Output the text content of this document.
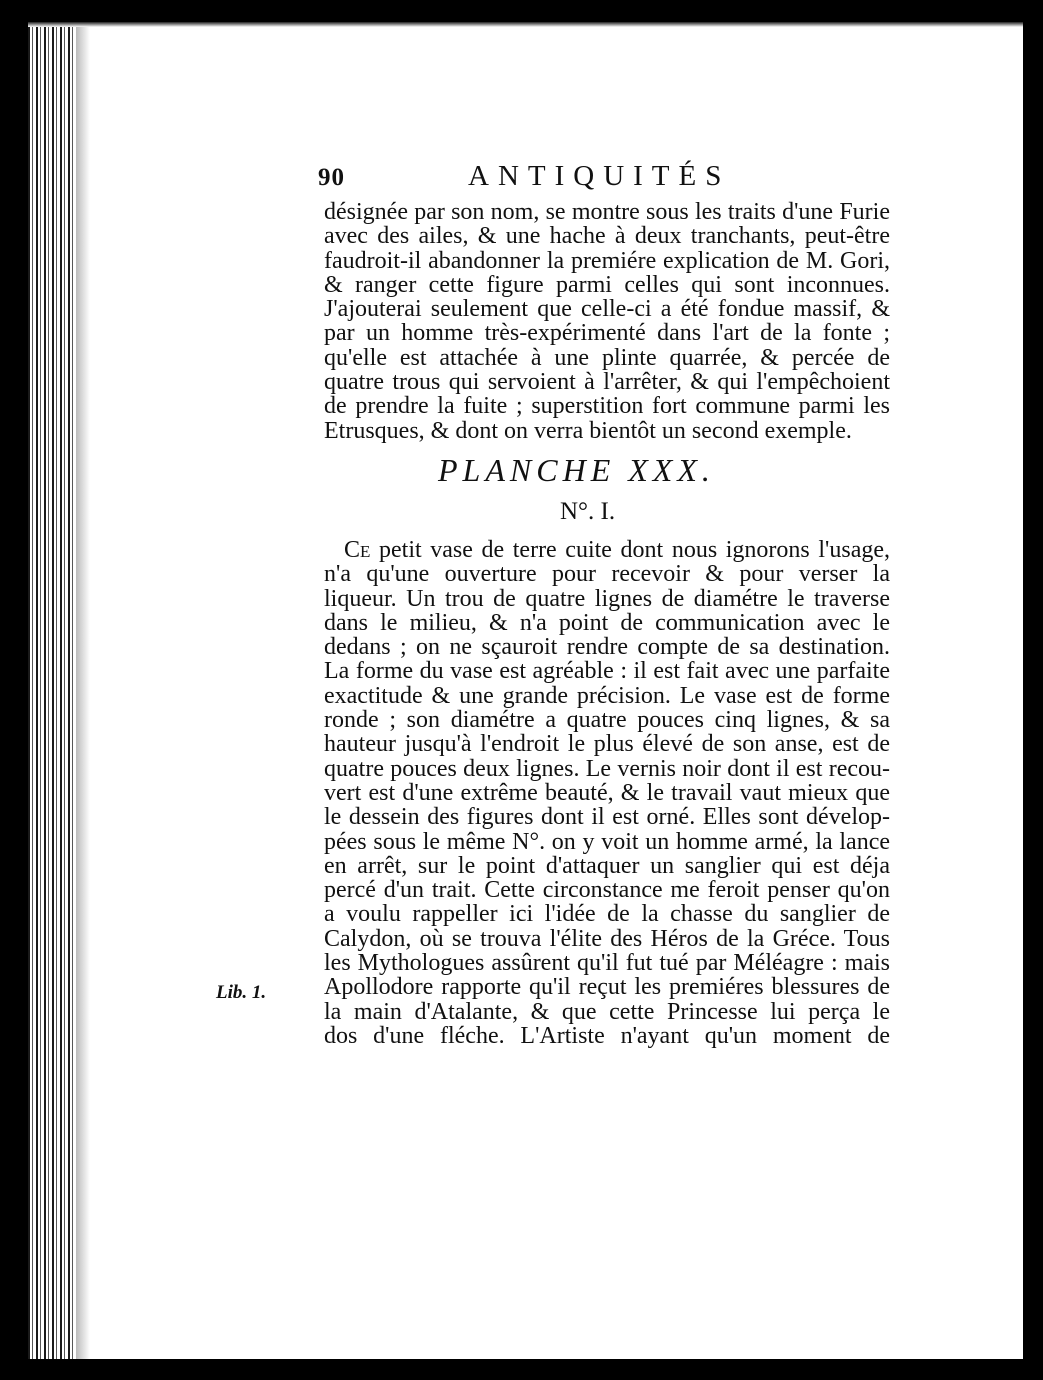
90	ANTIQUITÉS
désignée par son nom, se montre sous les traits d'une Furie
avec des ailes, & une hache à deux tranchants, peut-être
faudroit-il abandonner la premiére explication de M. Gori,
& ranger cette figure parmi celles qui sont inconnues.
J'ajouterai seulement que celle-ci a été fondue massif, &
par un homme très-expérimenté dans l'art de la fonte ;
qu'elle est attachée à une plinte quarrée, & percée de
quatre trous qui servoient à l'arrêter, & qui l'empêchoient
de prendre la fuite ; superstition fort commune parmi les
Etrusques, & dont on verra bientôt un second exemple.
PLANCHE XXX.
N°. I.
Ce petit vase de terre cuite dont nous ignorons l'usage,
n'a qu'une ouverture pour recevoir & pour verser la
liqueur. Un trou de quatre lignes de diamétre le traverse
dans le milieu, & n'a point de communication avec le
dedans ; on ne sçauroit rendre compte de sa destination.
La forme du vase est agréable : il est fait avec une parfaite
exactitude & une grande précision. Le vase est de forme
ronde ; son diamétre a quatre pouces cinq lignes, & sa
hauteur jusqu'à l'endroit le plus élevé de son anse, est de
quatre pouces deux lignes. Le vernis noir dont il est recou-
vert est d'une extrême beauté, & le travail vaut mieux que
le dessein des figures dont il est orné. Elles sont dévelop-
pées sous le même N°. on y voit un homme armé, la lance
en arrêt, sur le point d'attaquer un sanglier qui est déja
percé d'un trait. Cette circonstance me feroit penser qu'on
a voulu rappeller ici l'idée de la chasse du sanglier de
Calydon, où se trouva l'élite des Héros de la Gréce. Tous
les Mythologues assûrent qu'il fut tué par Méléagre : mais
Apollodore rapporte qu'il reçut les premiéres blessures de
la main d'Atalante, & que cette Princesse lui perça le
dos d'une fléche. L'Artiste n'ayant qu'un moment de
Lib. 1.
